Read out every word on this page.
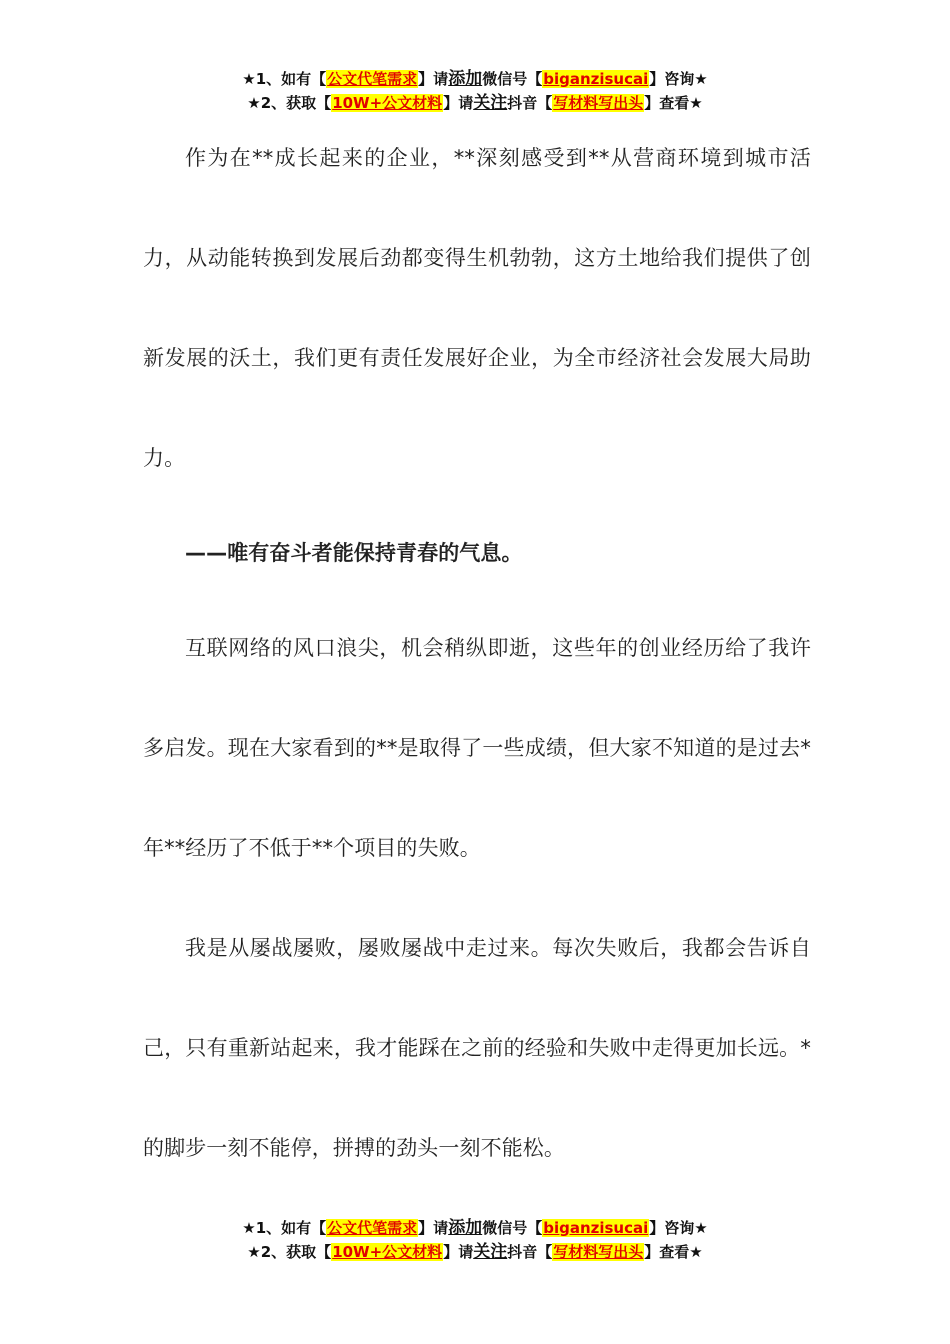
★1、如有【公文代笔需求】请添加微信号【biganzisucai】咨询★
★2、获取【10W+公文材料】请关注抖音【写材料写出头】查看★

作为在**成长起来的企业，**深刻感受到**从营商环境到城市活力，从动能转换到发展后劲都变得生机勃勃，这方土地给我们提供了创新发展的沃土，我们更有责任发展好企业，为全市经济社会发展大局助力。

——唯有奋斗者能保持青春的气息。

互联网络的风口浪尖，机会稍纵即逝，这些年的创业经历给了我许多启发。现在大家看到的**是取得了一些成绩，但大家不知道的是过去*年**经历了不低于**个项目的失败。

我是从屡战屡败，屡败屡战中走过来。每次失败后，我都会告诉自己，只有重新站起来，我才能踩在之前的经验和失败中走得更加长远。*的脚步一刻不能停，拼搏的劲头一刻不能松。

★1、如有【公文代笔需求】请添加微信号【biganzisucai】咨询★
★2、获取【10W+公文材料】请关注抖音【写材料写出头】查看★
